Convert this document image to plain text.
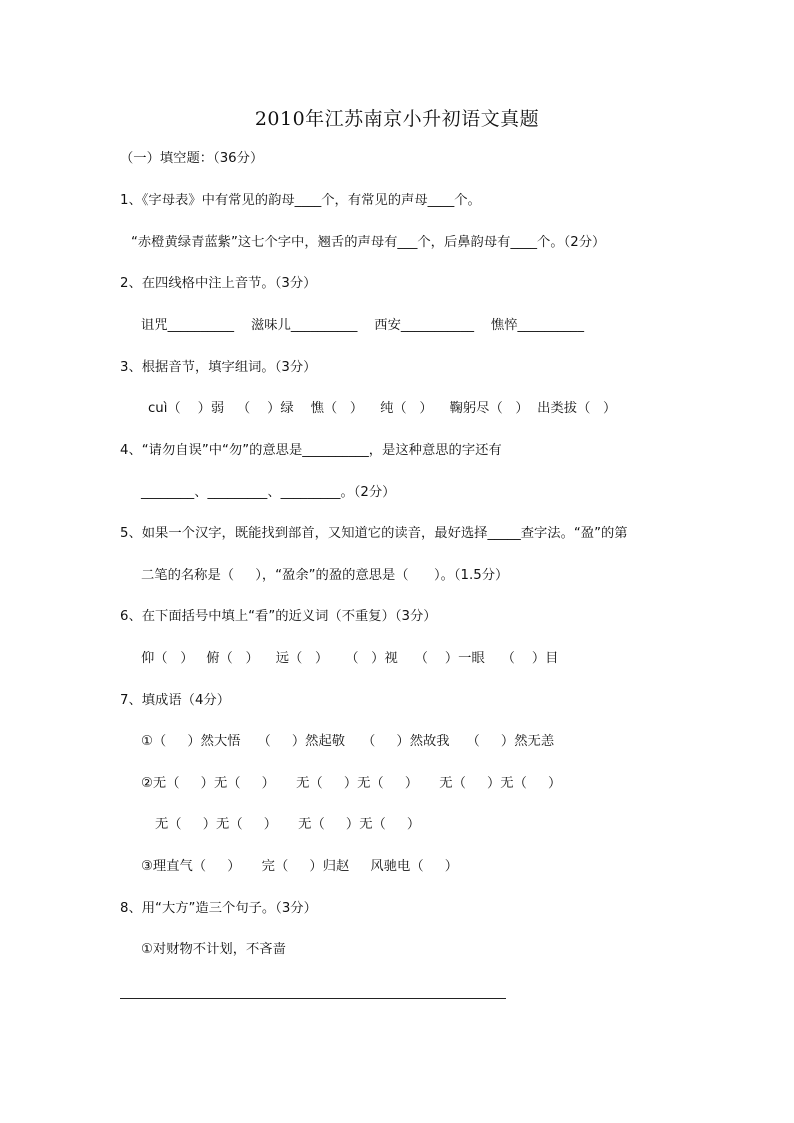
2010年江苏南京小升初语文真题
（一）填空题：（36分）
1、《字母表》中有常见的韵母____个，有常见的声母____个。
“赤橙黄绿青蓝紫”这七个字中，翘舌的声母有___个，后鼻韵母有____个。（2分）
2、在四线格中注上音节。（3分）
诅咒__________    滋味儿__________    西安___________    憔悴__________
3、根据音节，填字组词。（3分）
cuì（    ）弱   （    ）绿    憔（   ）    纯（   ）    鞠躬尽（   ）  出类拔（   ）
4、“请勿自误”中“勿”的意思是__________，是这种意思的字还有
________、_________、_________。（2分）
5、如果一个汉字，既能找到部首，又知道它的读音，最好选择_____查字法。“盈”的第
二笔的名称是（     ），“盈余”的盈的意思是（      ）。（1.5分）
6、在下面括号中填上“看”的近义词（不重复）（3分）
仰（   ）   俯（   ）    远（   ）    （   ）视    （    ）一眼    （    ）目
7、填成语（4分）
①（     ）然大悟    （     ）然起敬    （     ）然故我    （     ）然无恙
②无（     ）无（     ）     无（     ）无（     ）     无（     ）无（     ）
无（     ）无（     ）     无（     ）无（     ）
③理直气（     ）     完（     ）归赵     风驰电（     ）
8、用“大方”造三个句子。（3分）
①对财物不计划，不吝啬
